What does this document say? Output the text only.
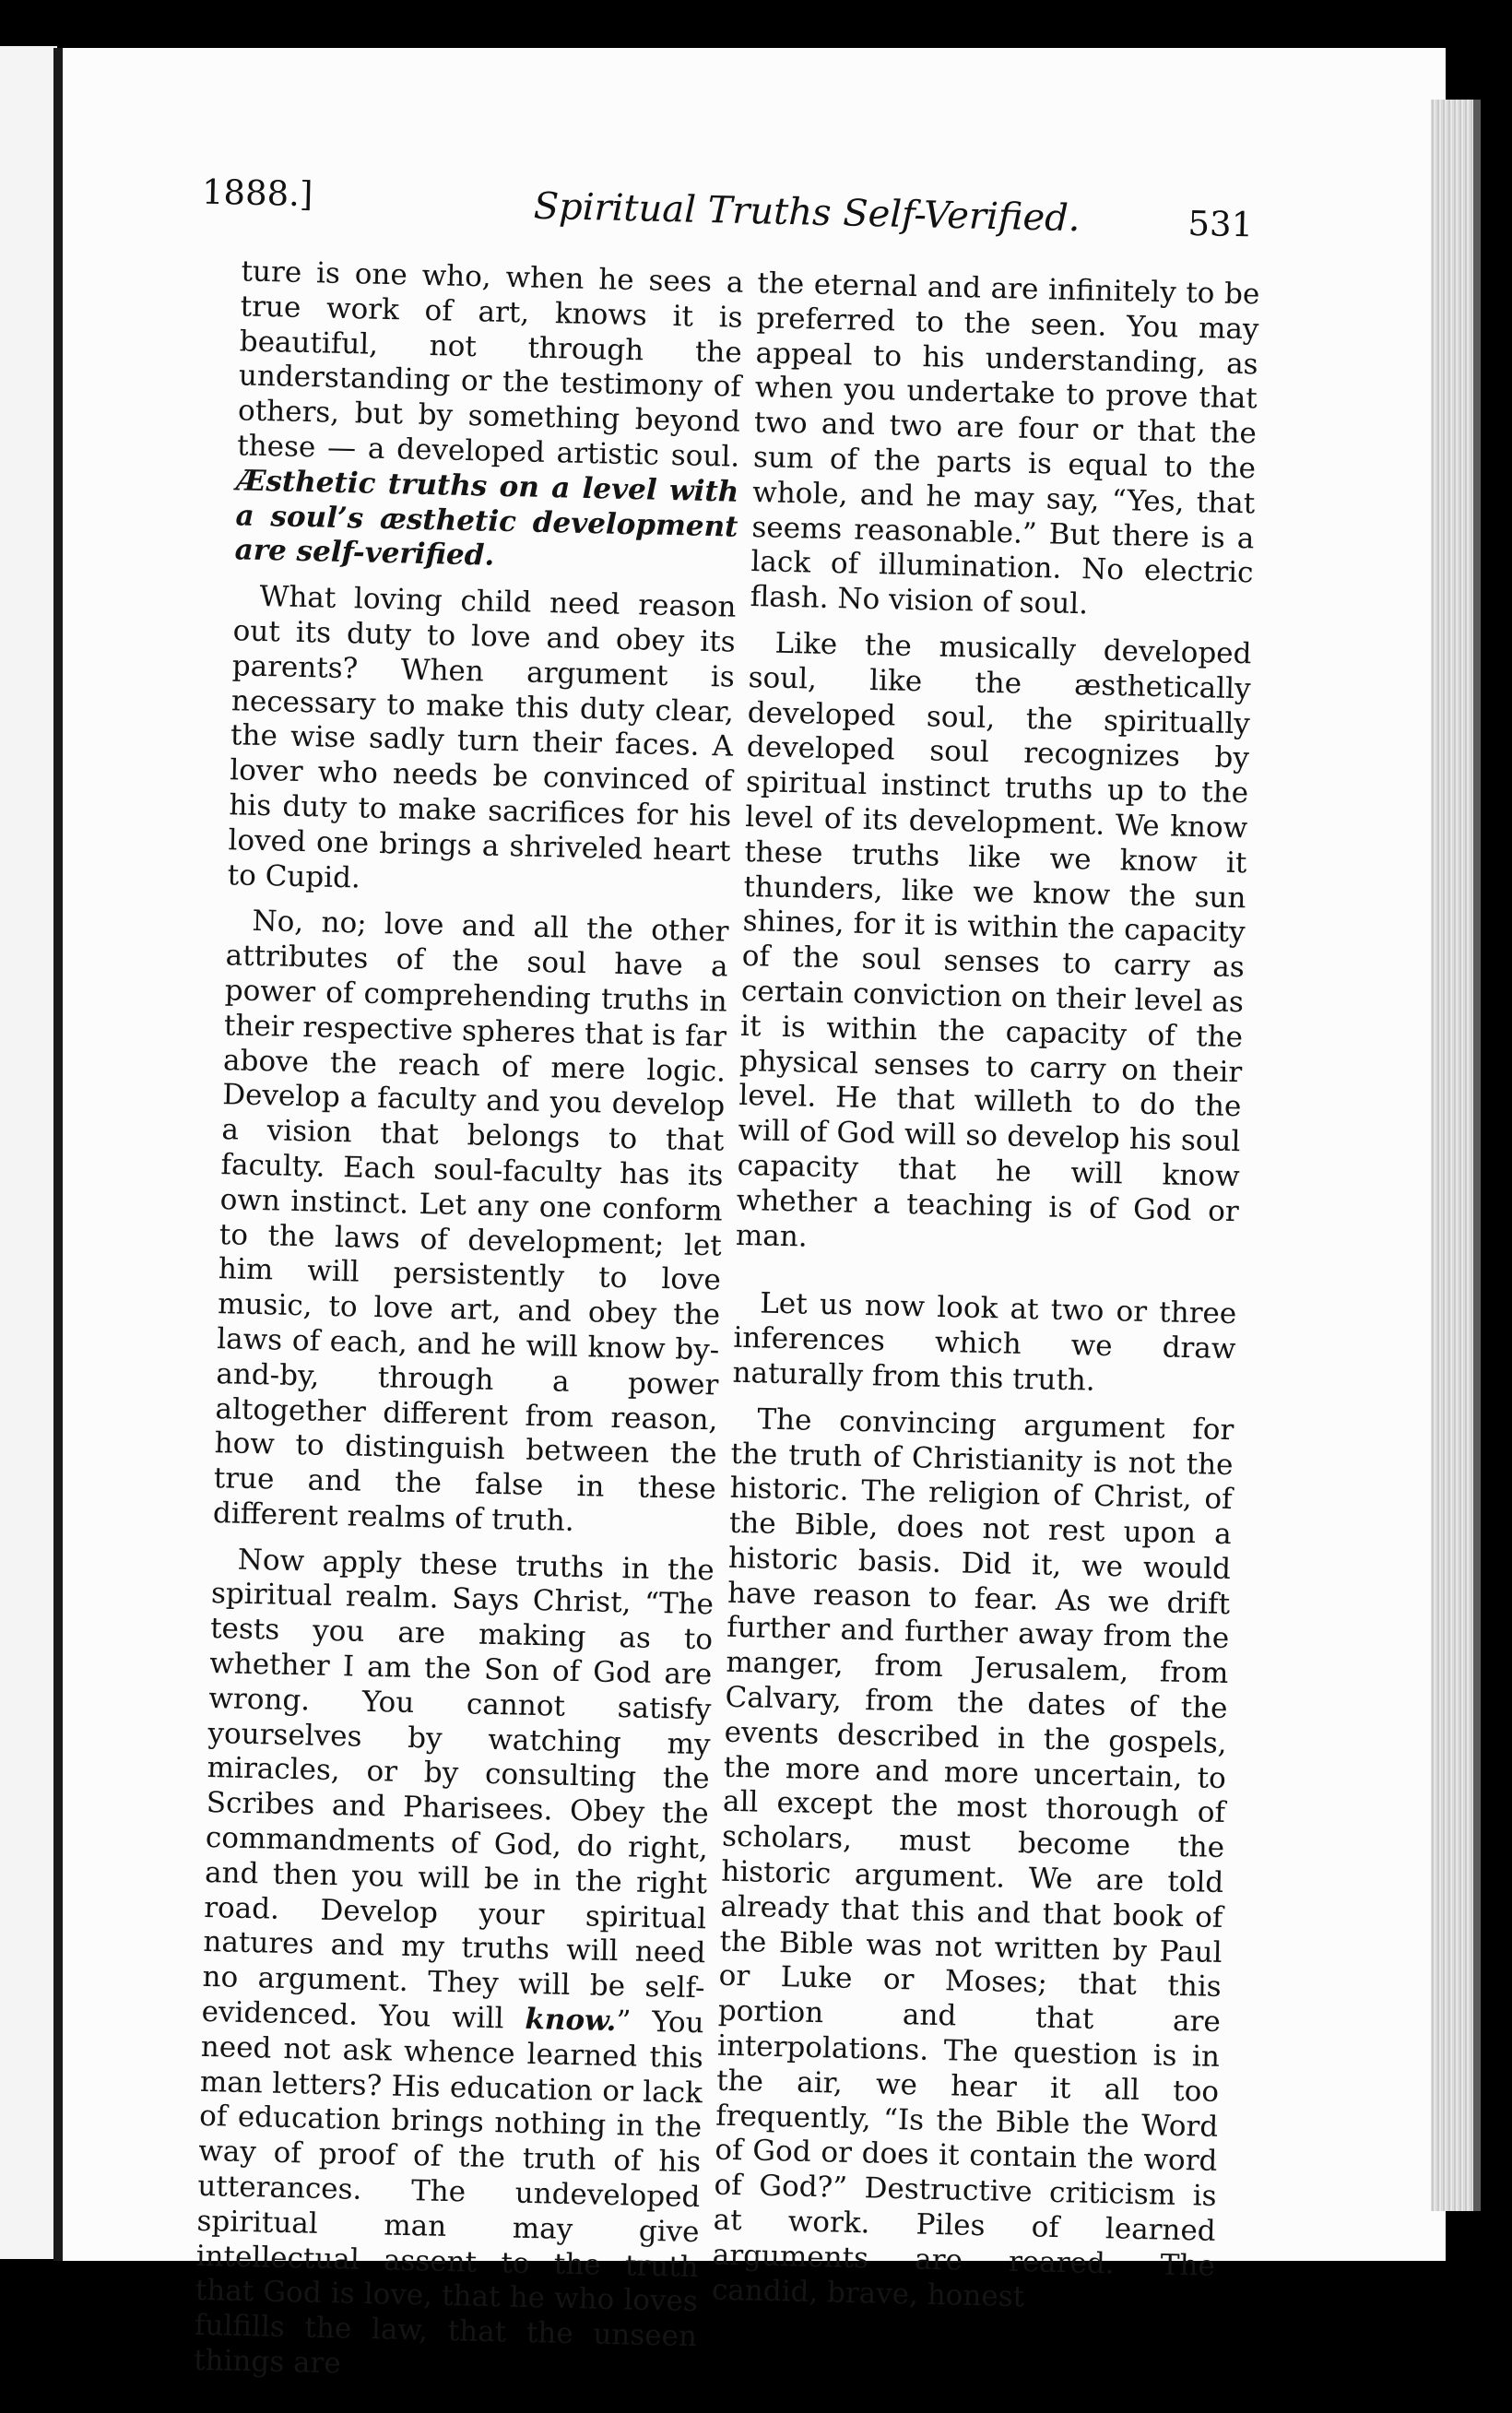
1888.]	Spiritual Truths Self-Verified.	531

ture is one who, when he sees a true work of art, knows it is beautiful, not through the understanding or the testimony of others, but by something beyond these — a developed artistic soul. Æsthetic truths on a level with a soul’s æsthetic development are self-verified.

What loving child need reason out its duty to love and obey its parents? When argument is necessary to make this duty clear, the wise sadly turn their faces. A lover who needs be convinced of his duty to make sacrifices for his loved one brings a shriveled heart to Cupid.

No, no; love and all the other attributes of the soul have a power of comprehending truths in their respective spheres that is far above the reach of mere logic. Develop a faculty and you develop a vision that belongs to that faculty. Each soul-faculty has its own instinct. Let any one conform to the laws of development; let him will persistently to love music, to love art, and obey the laws of each, and he will know by-and-by, through a power altogether different from reason, how to distinguish between the true and the false in these different realms of truth.

Now apply these truths in the spiritual realm. Says Christ, “The tests you are making as to whether I am the Son of God are wrong. You cannot satisfy yourselves by watching my miracles, or by consulting the Scribes and Pharisees. Obey the commandments of God, do right, and then you will be in the right road. Develop your spiritual natures and my truths will need no argument. They will be self-evidenced. You will know.” You need not ask whence learned this man letters? His education or lack of education brings nothing in the way of proof of the truth of his utterances. The undeveloped spiritual man may give intellectual assent to the truth that God is love, that he who loves fulfills the law, that the unseen things are

the eternal and are infinitely to be preferred to the seen. You may appeal to his understanding, as when you undertake to prove that two and two are four or that the sum of the parts is equal to the whole, and he may say, “Yes, that seems reasonable.” But there is a lack of illumination. No electric flash. No vision of soul.

Like the musically developed soul, like the æsthetically developed soul, the spiritually developed soul recognizes by spiritual instinct truths up to the level of its development. We know these truths like we know it thunders, like we know the sun shines, for it is within the capacity of the soul senses to carry as certain conviction on their level as it is within the capacity of the physical senses to carry on their level. He that willeth to do the will of God will so develop his soul capacity that he will know whether a teaching is of God or man.

Let us now look at two or three inferences which we draw naturally from this truth.

The convincing argument for the truth of Christianity is not the historic. The religion of Christ, of the Bible, does not rest upon a historic basis. Did it, we would have reason to fear. As we drift further and further away from the manger, from Jerusalem, from Calvary, from the dates of the events described in the gospels, the more and more uncertain, to all except the most thorough of scholars, must become the historic argument. We are told already that this and that book of the Bible was not written by Paul or Luke or Moses; that this portion and that are interpolations. The question is in the air, we hear it all too frequently, “Is the Bible the Word of God or does it contain the word of God?” Destructive criticism is at work. Piles of learned arguments are reared. The candid, brave, honest
